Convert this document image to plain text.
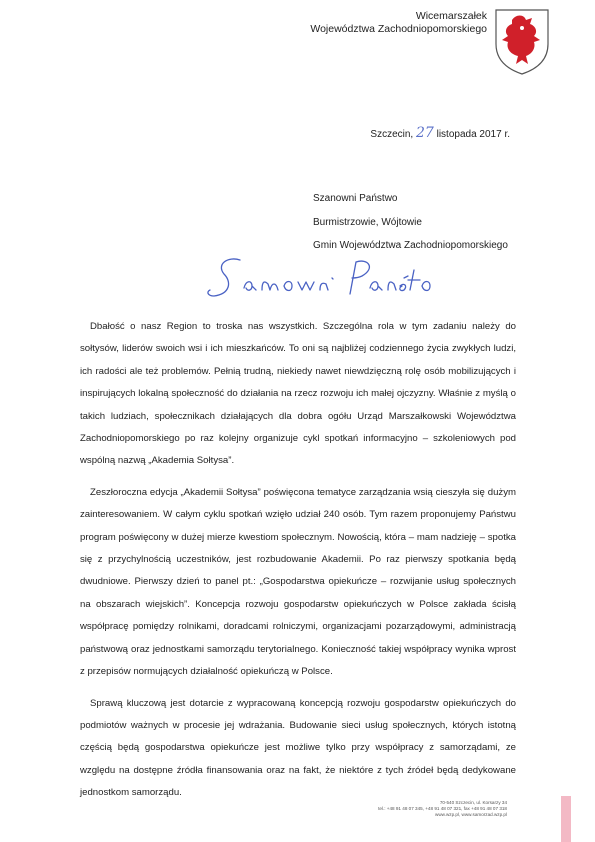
Wicemarszałek
Województwa Zachodniopomorskiego
Szczecin, 27 listopada 2017 r.
Szanowni Państwo
Burmistrzowie, Wójtowie
Gmin Województwa Zachodniopomorskiego

Dbałość o nasz Region to troska nas wszystkich. Szczególna rola w tym zadaniu należy do sołtysów, liderów swoich wsi i ich mieszkańców. To oni są najbliżej codziennego życia zwykłych ludzi, ich radości ale też problemów. Pełnią trudną, niekiedy nawet niewdzięczną rolę osób mobilizujących i inspirujących lokalną społeczność do działania na rzecz rozwoju ich małej ojczyzny. Właśnie z myślą o takich ludziach, społecznikach działających dla dobra ogółu Urząd Marszałkowski Województwa Zachodniopomorskiego po raz kolejny organizuje cykl spotkań informacyjno – szkoleniowych pod wspólną nazwą „Akademia Sołtysa”.

Zeszłoroczna edycja „Akademii Sołtysa” poświęcona tematyce zarządzania wsią cieszyła się dużym zainteresowaniem. W całym cyklu spotkań wzięło udział 240 osób. Tym razem proponujemy Państwu program poświęcony w dużej mierze kwestiom społecznym. Nowością, która – mam nadzieję – spotka się z przychylnością uczestników, jest rozbudowanie Akademii. Po raz pierwszy spotkania będą dwudniowe. Pierwszy dzień to panel pt.: „Gospodarstwa opiekuńcze – rozwijanie usług społecznych na obszarach wiejskich”. Koncepcja rozwoju gospodarstw opiekuńczych w Polsce zakłada ścisłą współpracę pomiędzy rolnikami, doradcami rolniczymi, organizacjami pozarządowymi, administracją państwową oraz jednostkami samorządu terytorialnego. Konieczność takiej współpracy wynika wprost z przepisów normujących działalność opiekuńczą w Polsce.

Sprawą kluczową jest dotarcie z wypracowaną koncepcją rozwoju gospodarstw opiekuńczych do podmiotów ważnych w procesie jej wdrażania. Budowanie sieci usług społecznych, których istotną częścią będą gospodarstwa opiekuńcze jest możliwe tylko przy współpracy z samorządami, ze względu na dostępne źródła finansowania oraz na fakt, że niektóre z tych źródeł będą dedykowane jednostkom samorządu.

70-540 Szczecin, ul. Korsarzy 34
tel.: +48 91 48 07 345, +48 91 48 07 321, fax +48 91 48 07 318
www.wzp.pl, www.samorzad.wzp.pl
